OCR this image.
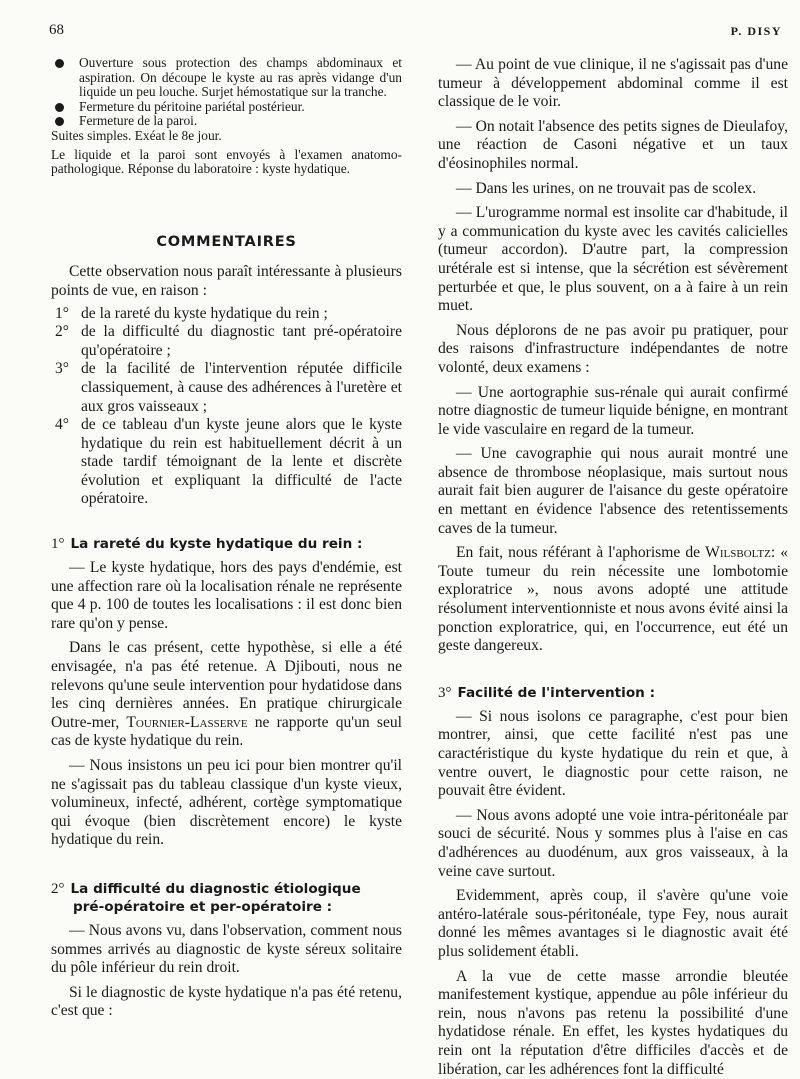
68	P. DISY

Ouverture sous protection des champs abdominaux et aspiration. On découpe le kyste au ras après vidange d'un liquide un peu louche. Surjet hémostatique sur la tranche.

Fermeture du péritoine pariétal postérieur.

Fermeture de la paroi.

Suites simples. Exéat le 8e jour.

Le liquide et la paroi sont envoyés à l'examen anatomo-pathologique. Réponse du laboratoire : kyste hydatique.

COMMENTAIRES

Cette observation nous paraît intéressante à plusieurs points de vue, en raison :

1° de la rareté du kyste hydatique du rein ;

2° de la difficulté du diagnostic tant pré-opératoire qu'opératoire ;

3° de la facilité de l'intervention réputée difficile classiquement, à cause des adhérences à l'uretère et aux gros vaisseaux ;

4° de ce tableau d'un kyste jeune alors que le kyste hydatique du rein est habituellement décrit à un stade tardif témoignant de la lente et discrète évolution et expliquant la difficulté de l'acte opératoire.

1° La rareté du kyste hydatique du rein :

— Le kyste hydatique, hors des pays d'endémie, est une affection rare où la localisation rénale ne représente que 4 p. 100 de toutes les localisations : il est donc bien rare qu'on y pense.

Dans le cas présent, cette hypothèse, si elle a été envisagée, n'a pas été retenue. A Djibouti, nous ne relevons qu'une seule intervention pour hydatidose dans les cinq dernières années. En pratique chirurgicale Outre-mer, Tournier-Lasserve ne rapporte qu'un seul cas de kyste hydatique du rein.

— Nous insistons un peu ici pour bien montrer qu'il ne s'agissait pas du tableau classique d'un kyste vieux, volumineux, infecté, adhérent, cortège symptomatique qui évoque (bien discrètement encore) le kyste hydatique du rein.

2° La difficulté du diagnostic étiologique
pré-opératoire et per-opératoire :

— Nous avons vu, dans l'observation, comment nous sommes arrivés au diagnostic de kyste séreux solitaire du pôle inférieur du rein droit.

Si le diagnostic de kyste hydatique n'a pas été retenu, c'est que :

— Au point de vue clinique, il ne s'agissait pas d'une tumeur à développement abdominal comme il est classique de le voir.

— On notait l'absence des petits signes de Dieulafoy, une réaction de Casoni négative et un taux d'éosinophiles normal.

— Dans les urines, on ne trouvait pas de scolex.

— L'urogramme normal est insolite car d'habitude, il y a communication du kyste avec les cavités calicielles (tumeur accordon). D'autre part, la compression urétérale est si intense, que la sécrétion est sévèrement perturbée et que, le plus souvent, on a à faire à un rein muet.

Nous déplorons de ne pas avoir pu pratiquer, pour des raisons d'infrastructure indépendantes de notre volonté, deux examens :

— Une aortographie sus-rénale qui aurait confirmé notre diagnostic de tumeur liquide bénigne, en montrant le vide vasculaire en regard de la tumeur.

— Une cavographie qui nous aurait montré une absence de thrombose néoplasique, mais surtout nous aurait fait bien augurer de l'aisance du geste opératoire en mettant en évidence l'absence des retentissements caves de la tumeur.

En fait, nous référant à l'aphorisme de Wilsboltz: « Toute tumeur du rein nécessite une lombotomie exploratrice », nous avons adopté une attitude résolument interventionniste et nous avons évité ainsi la ponction exploratrice, qui, en l'occurrence, eut été un geste dangereux.

3° Facilité de l'intervention :

— Si nous isolons ce paragraphe, c'est pour bien montrer, ainsi, que cette facilité n'est pas une caractéristique du kyste hydatique du rein et que, à ventre ouvert, le diagnostic pour cette raison, ne pouvait être évident.

— Nous avons adopté une voie intra-péritonéale par souci de sécurité. Nous y sommes plus à l'aise en cas d'adhérences au duodénum, aux gros vaisseaux, à la veine cave surtout.

Evidemment, après coup, il s'avère qu'une voie antéro-latérale sous-péritonéale, type Fey, nous aurait donné les mêmes avantages si le diagnostic avait été plus solidement établi.

A la vue de cette masse arrondie bleutée manifestement kystique, appendue au pôle inférieur du rein, nous n'avons pas retenu la possibilité d'une hydatidose rénale. En effet, les kystes hydatiques du rein ont la réputation d'être difficiles d'accès et de libération, car les adhérences font la difficulté
